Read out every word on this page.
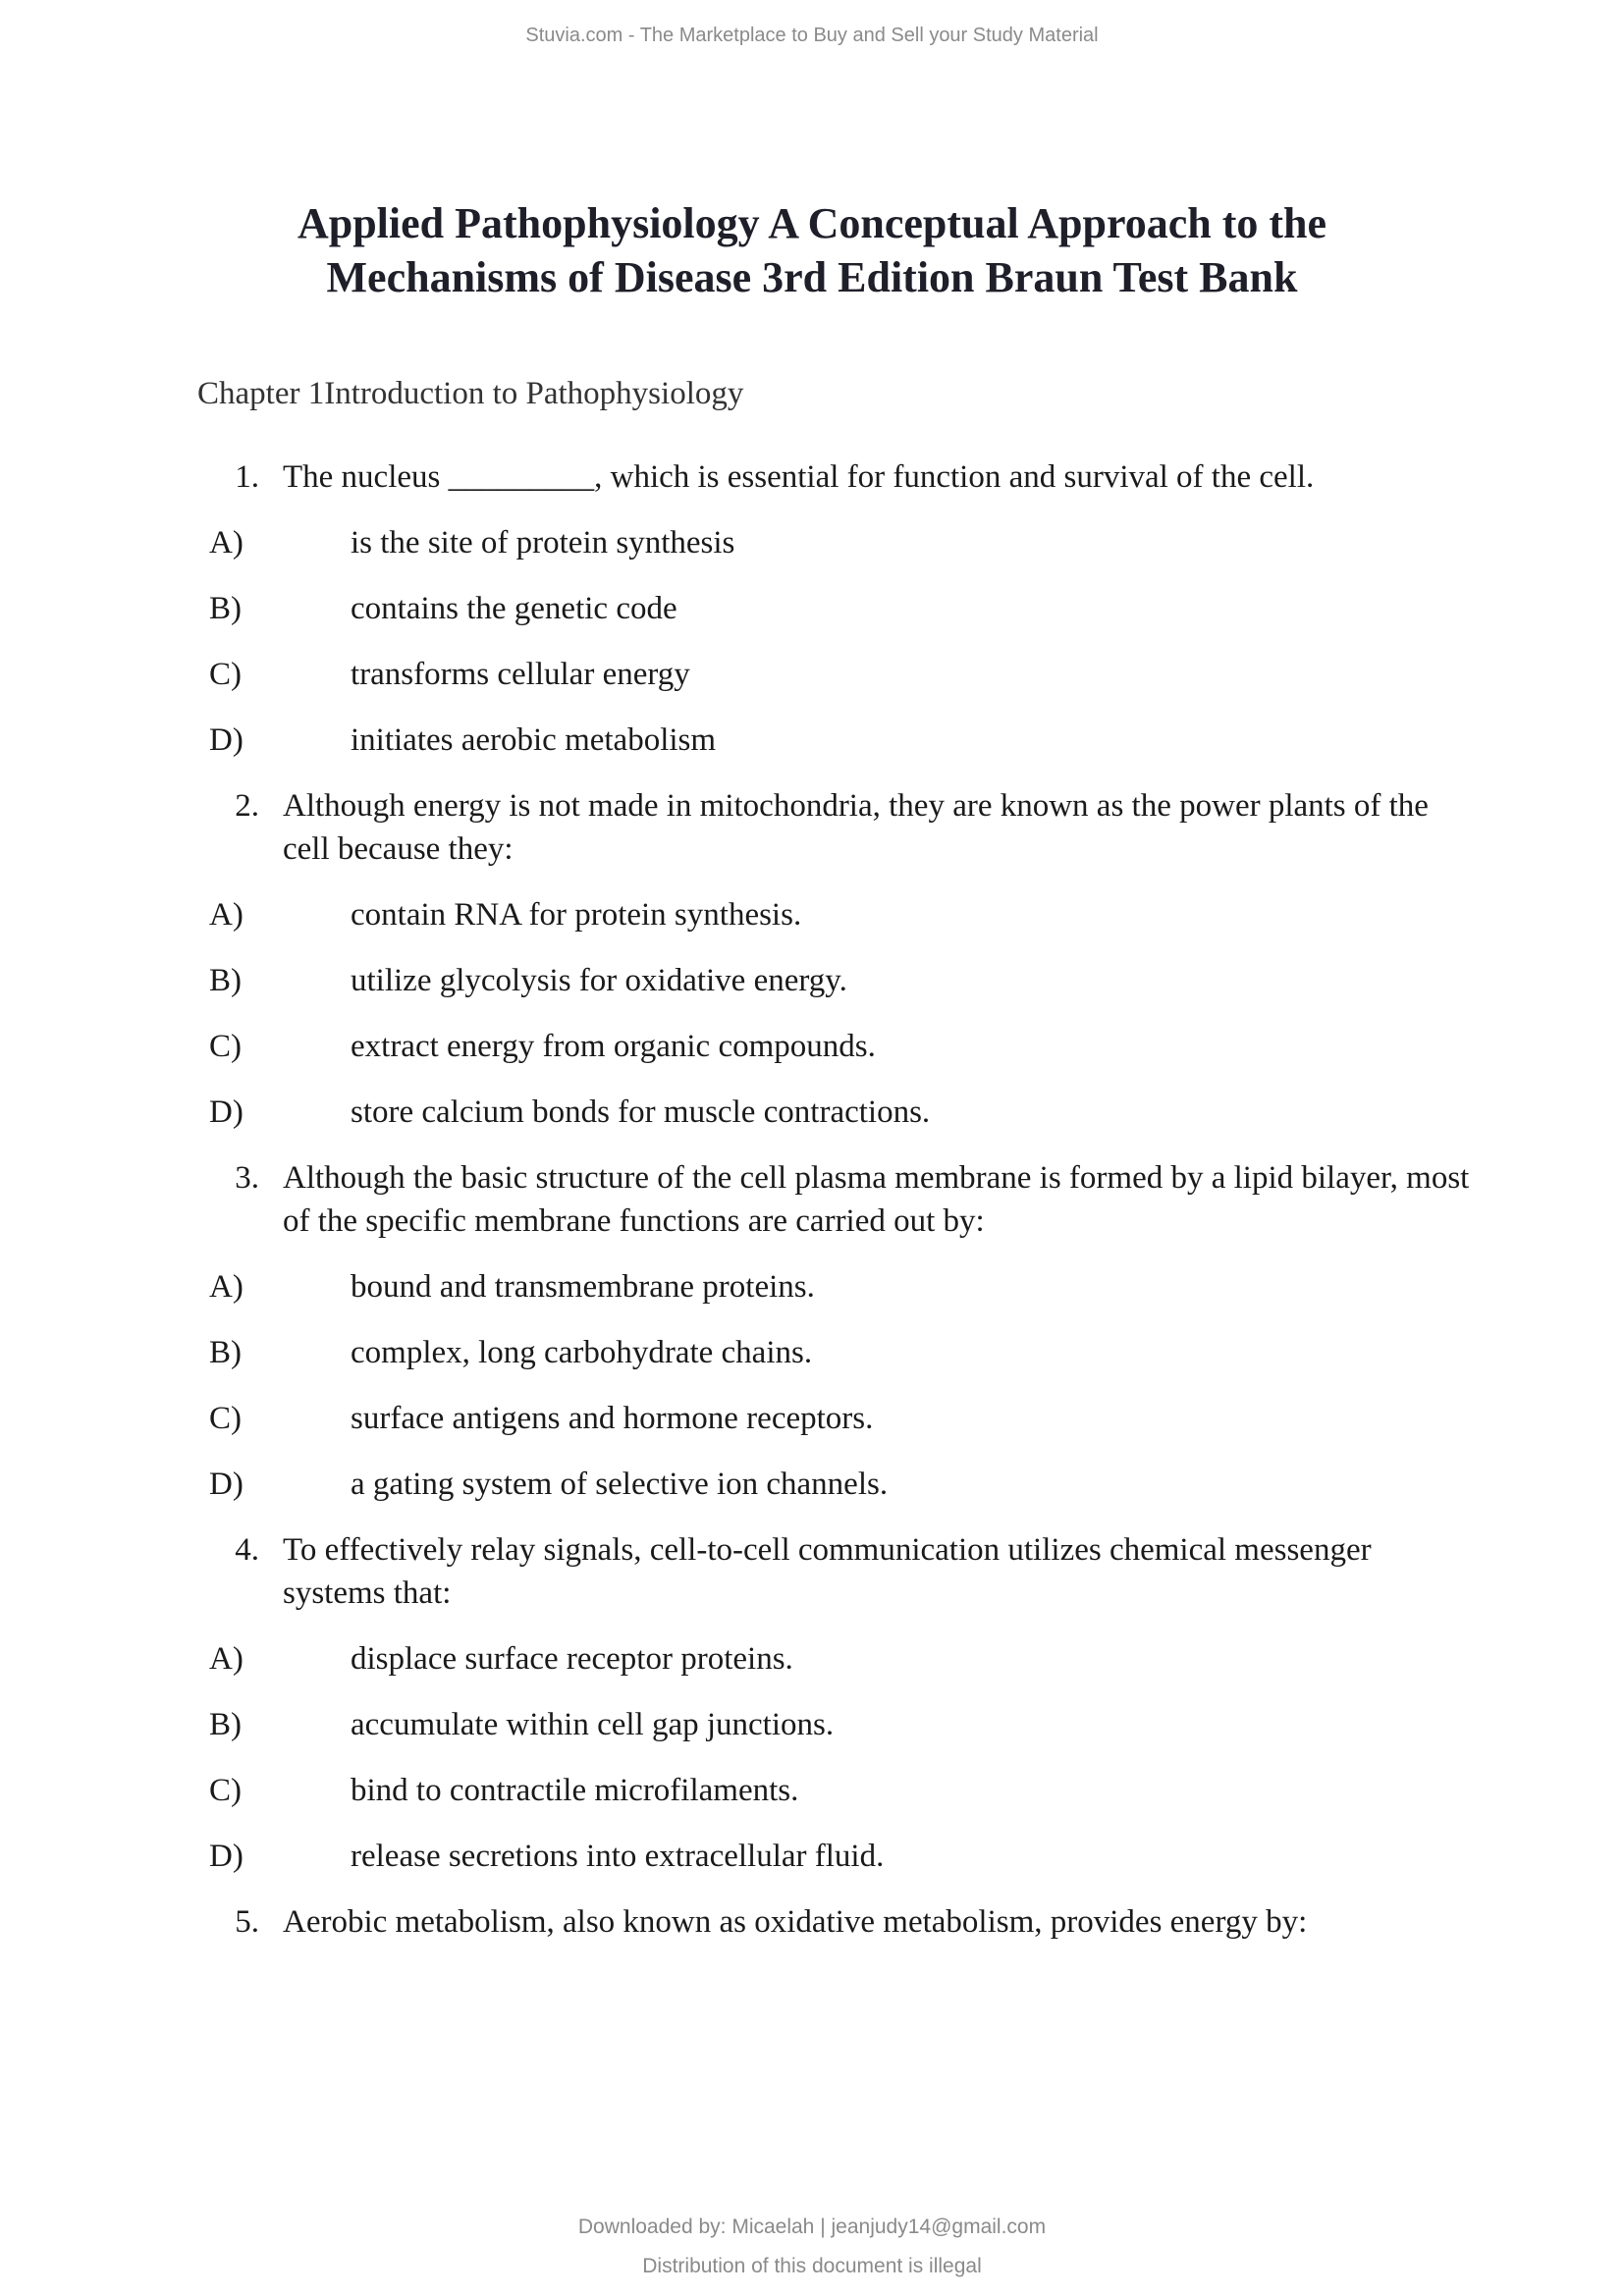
Stuvia.com - The Marketplace to Buy and Sell your Study Material
Applied Pathophysiology A Conceptual Approach to the
Mechanisms of Disease 3rd Edition Braun Test Bank
Chapter 1Introduction to Pathophysiology
1. The nucleus _________, which is essential for function and survival of the cell.
A)	is the site of protein synthesis
B)	contains the genetic code
C)	transforms cellular energy
D)	initiates aerobic metabolism
2. Although energy is not made in mitochondria, they are known as the power plants of the cell because they:
A)	contain RNA for protein synthesis.
B)	utilize glycolysis for oxidative energy.
C)	extract energy from organic compounds.
D)	store calcium bonds for muscle contractions.
3. Although the basic structure of the cell plasma membrane is formed by a lipid bilayer, most of the specific membrane functions are carried out by:
A)	bound and transmembrane proteins.
B)	complex, long carbohydrate chains.
C)	surface antigens and hormone receptors.
D)	a gating system of selective ion channels.
4. To effectively relay signals, cell-to-cell communication utilizes chemical messenger systems that:
A)	displace surface receptor proteins.
B)	accumulate within cell gap junctions.
C)	bind to contractile microfilaments.
D)	release secretions into extracellular fluid.
5. Aerobic metabolism, also known as oxidative metabolism, provides energy by:
Downloaded by: Micaelah | jeanjudy14@gmail.com
Distribution of this document is illegal
